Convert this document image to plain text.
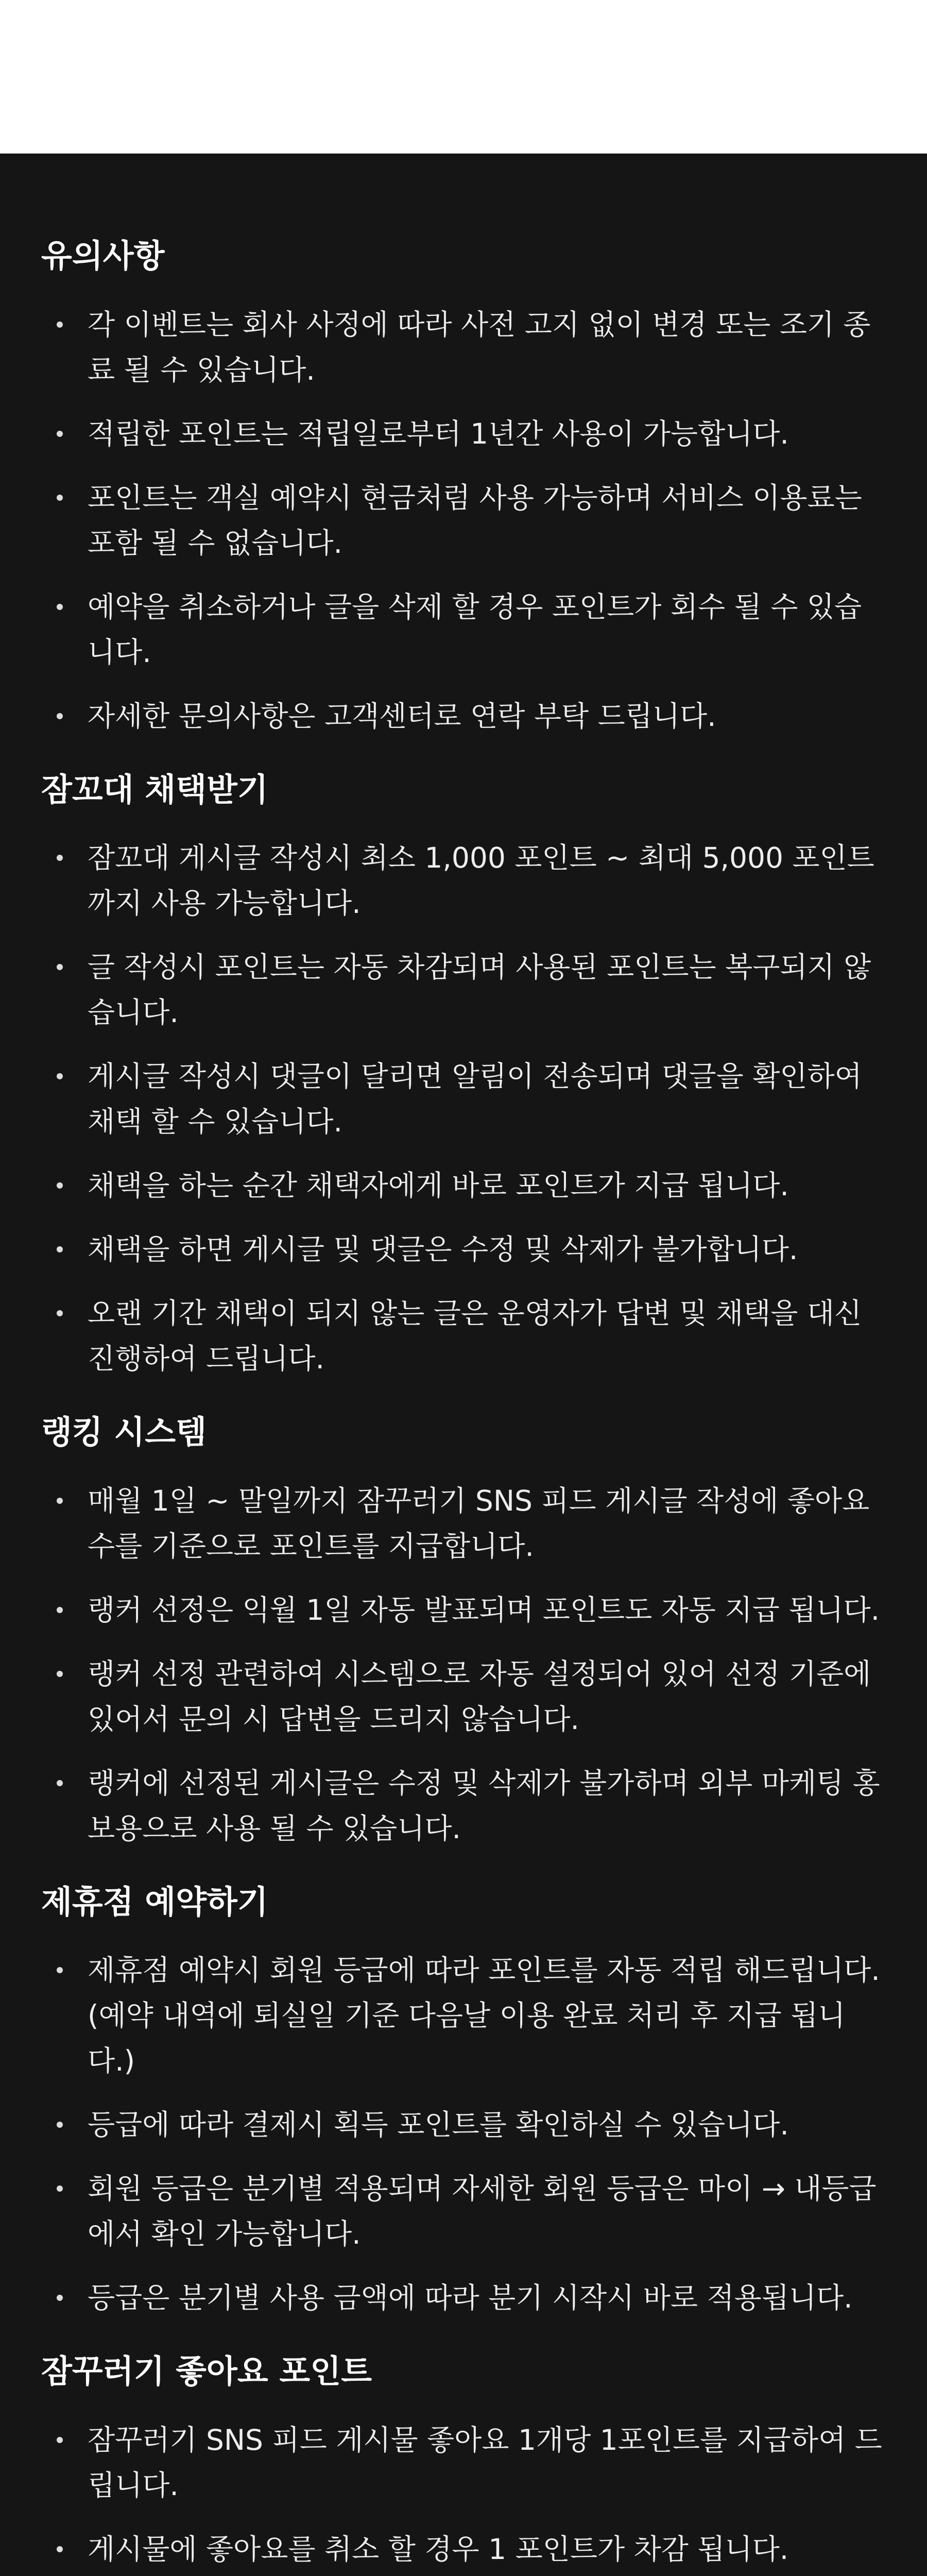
유의사항
각 이벤트는 회사 사정에 따라 사전 고지 없이 변경 또는 조기 종료 될 수 있습니다.
적립한 포인트는 적립일로부터 1년간 사용이 가능합니다.
포인트는 객실 예약시 현금처럼 사용 가능하며 서비스 이용료는 포함 될 수 없습니다.
예약을 취소하거나 글을 삭제 할 경우 포인트가 회수 될 수 있습니다.
자세한 문의사항은 고객센터로 연락 부탁 드립니다.
잠꼬대 채택받기
잠꼬대 게시글 작성시 최소 1,000 포인트 ~ 최대 5,000 포인트까지 사용 가능합니다.
글 작성시 포인트는 자동 차감되며 사용된 포인트는 복구되지 않습니다.
게시글 작성시 댓글이 달리면 알림이 전송되며 댓글을 확인하여 채택 할 수 있습니다.
채택을 하는 순간 채택자에게 바로 포인트가 지급 됩니다.
채택을 하면 게시글 및 댓글은 수정 및 삭제가 불가합니다.
오랜 기간 채택이 되지 않는 글은 운영자가 답변 및 채택을 대신 진행하여 드립니다.
랭킹 시스템
매월 1일 ~ 말일까지 잠꾸러기 SNS 피드 게시글 작성에 좋아요 수를 기준으로 포인트를 지급합니다.
랭커 선정은 익월 1일 자동 발표되며 포인트도 자동 지급 됩니다.
랭커 선정 관련하여 시스템으로 자동 설정되어 있어 선정 기준에 있어서 문의 시 답변을 드리지 않습니다.
랭커에 선정된 게시글은 수정 및 삭제가 불가하며 외부 마케팅 홍보용으로 사용 될 수 있습니다.
제휴점 예약하기
제휴점 예약시 회원 등급에 따라 포인트를 자동 적립 해드립니다. (예약 내역에 퇴실일 기준 다음날 이용 완료 처리 후 지급 됩니다.)
등급에 따라 결제시 획득 포인트를 확인하실 수 있습니다.
회원 등급은 분기별 적용되며 자세한 회원 등급은 마이 → 내등급에서 확인 가능합니다.
등급은 분기별 사용 금액에 따라 분기 시작시 바로 적용됩니다.
잠꾸러기 좋아요 포인트
잠꾸러기 SNS 피드 게시물 좋아요 1개당 1포인트를 지급하여 드립니다.
게시물에 좋아요를 취소 할 경우 1 포인트가 차감 됩니다.
